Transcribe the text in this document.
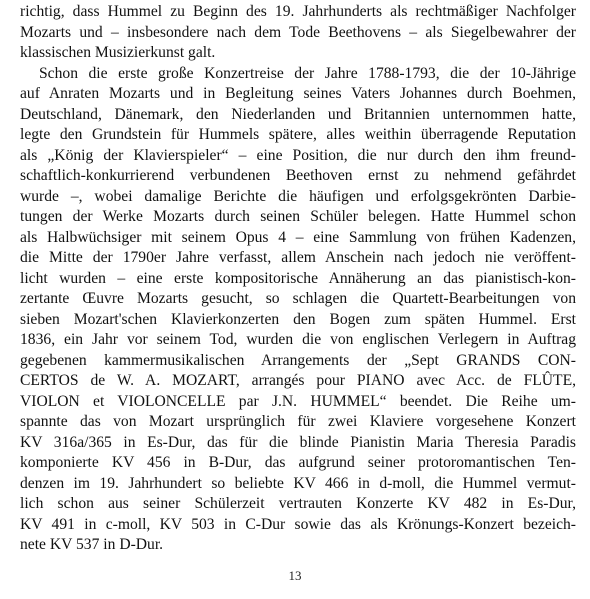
richtig, dass Hummel zu Beginn des 19. Jahrhunderts als rechtmäßiger Nachfolger
Mozarts und – insbesondere nach dem Tode Beethovens – als Siegelbewahrer der
klassischen Musizierkunst galt.
Schon die erste große Konzertreise der Jahre 1788-1793, die der 10-Jährige
auf Anraten Mozarts und in Begleitung seines Vaters Johannes durch Boehmen,
Deutschland, Dänemark, den Niederlanden und Britannien unternommen hatte,
legte den Grundstein für Hummels spätere, alles weithin überragende Reputation
als „König der Klavierspieler“ – eine Position, die nur durch den ihm freund-
schaftlich-konkurrierend verbundenen Beethoven ernst zu nehmend gefährdet
wurde –, wobei damalige Berichte die häufigen und erfolgsgekrönten Darbie-
tungen der Werke Mozarts durch seinen Schüler belegen. Hatte Hummel schon
als Halbwüchsiger mit seinem Opus 4 – eine Sammlung von frühen Kadenzen,
die Mitte der 1790er Jahre verfasst, allem Anschein nach jedoch nie veröffent-
licht wurden – eine erste kompositorische Annäherung an das pianistisch-kon-
zertante Œuvre Mozarts gesucht, so schlagen die Quartett-Bearbeitungen von
sieben Mozart'schen Klavierkonzerten den Bogen zum späten Hummel. Erst
1836, ein Jahr vor seinem Tod, wurden die von englischen Verlegern in Auftrag
gegebenen kammermusikalischen Arrangements der „Sept GRANDS CON-
CERTOS de W. A. MOZART, arrangés pour PIANO avec Acc. de FLÛTE,
VIOLON et VIOLONCELLE par J.N. HUMMEL“ beendet. Die Reihe um-
spannte das von Mozart ursprünglich für zwei Klaviere vorgesehene Konzert
KV 316a/365 in Es-Dur, das für die blinde Pianistin Maria Theresia Paradis
komponierte KV 456 in B-Dur, das aufgrund seiner protoromantischen Ten-
denzen im 19. Jahrhundert so beliebte KV 466 in d-moll, die Hummel vermut-
lich schon aus seiner Schülerzeit vertrauten Konzerte KV 482 in Es-Dur,
KV 491 in c-moll, KV 503 in C-Dur sowie das als Krönungs-Konzert bezeich-
nete KV 537 in D-Dur.
13
